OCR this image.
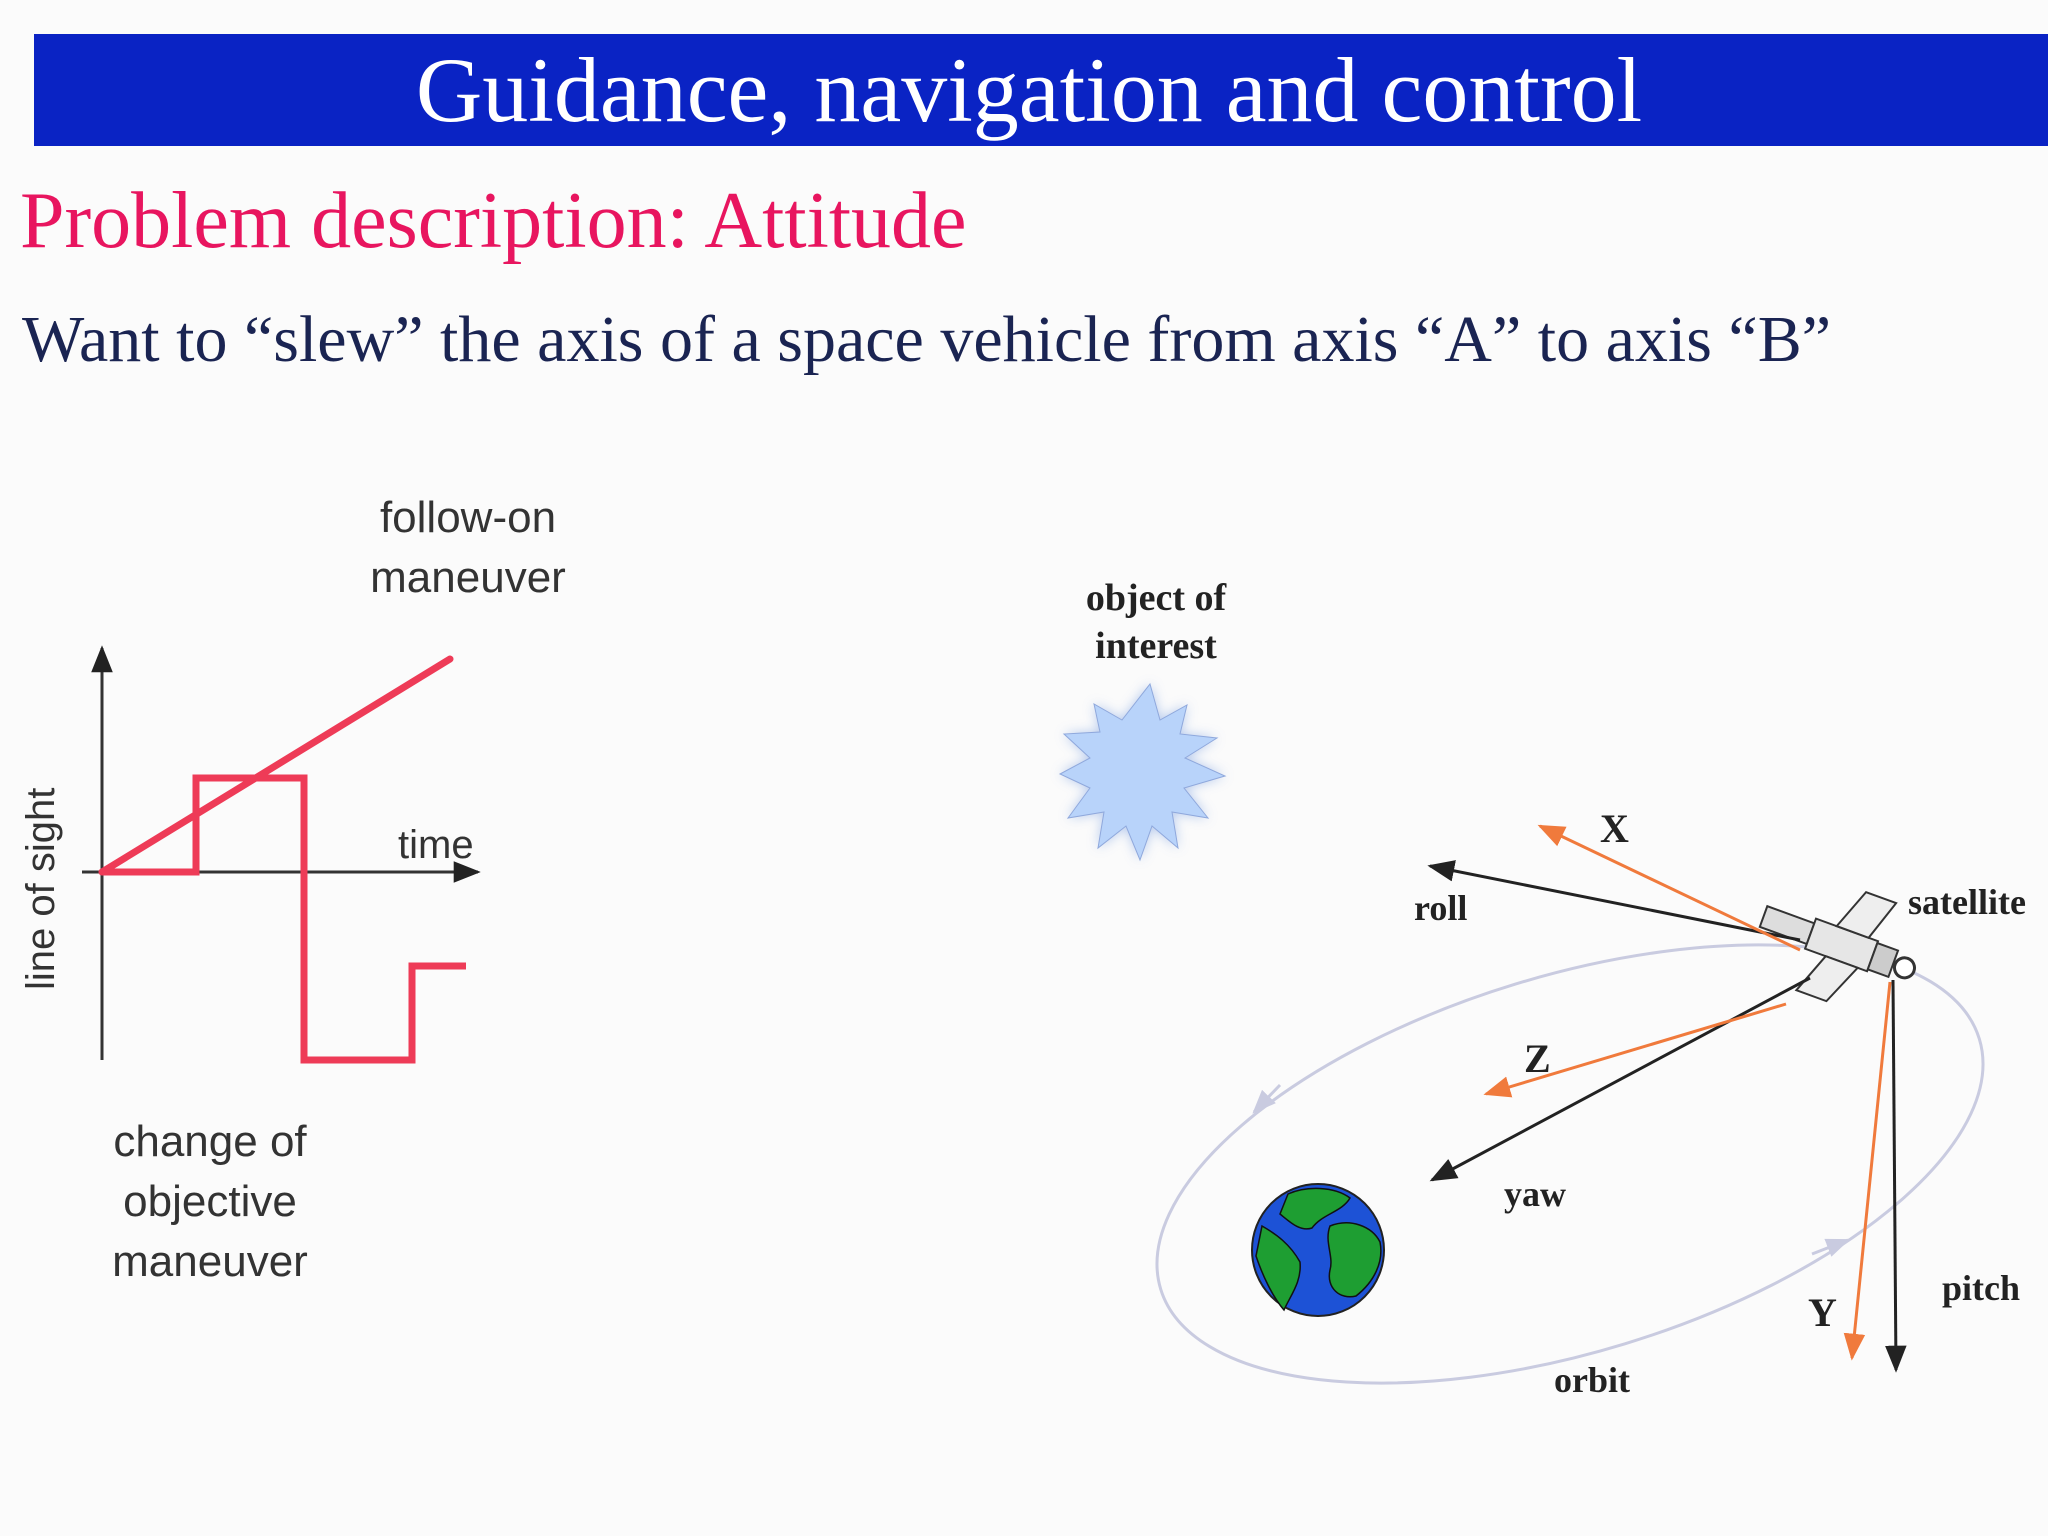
Guidance, navigation and control
Problem description: Attitude
Want to “slew” the axis of a space vehicle from axis “A” to axis “B”
line of sight	time
follow-on
maneuver
change of
objective
maneuver
object of
interest
satellite
roll
yaw
pitch
orbit
X
Z
Y
